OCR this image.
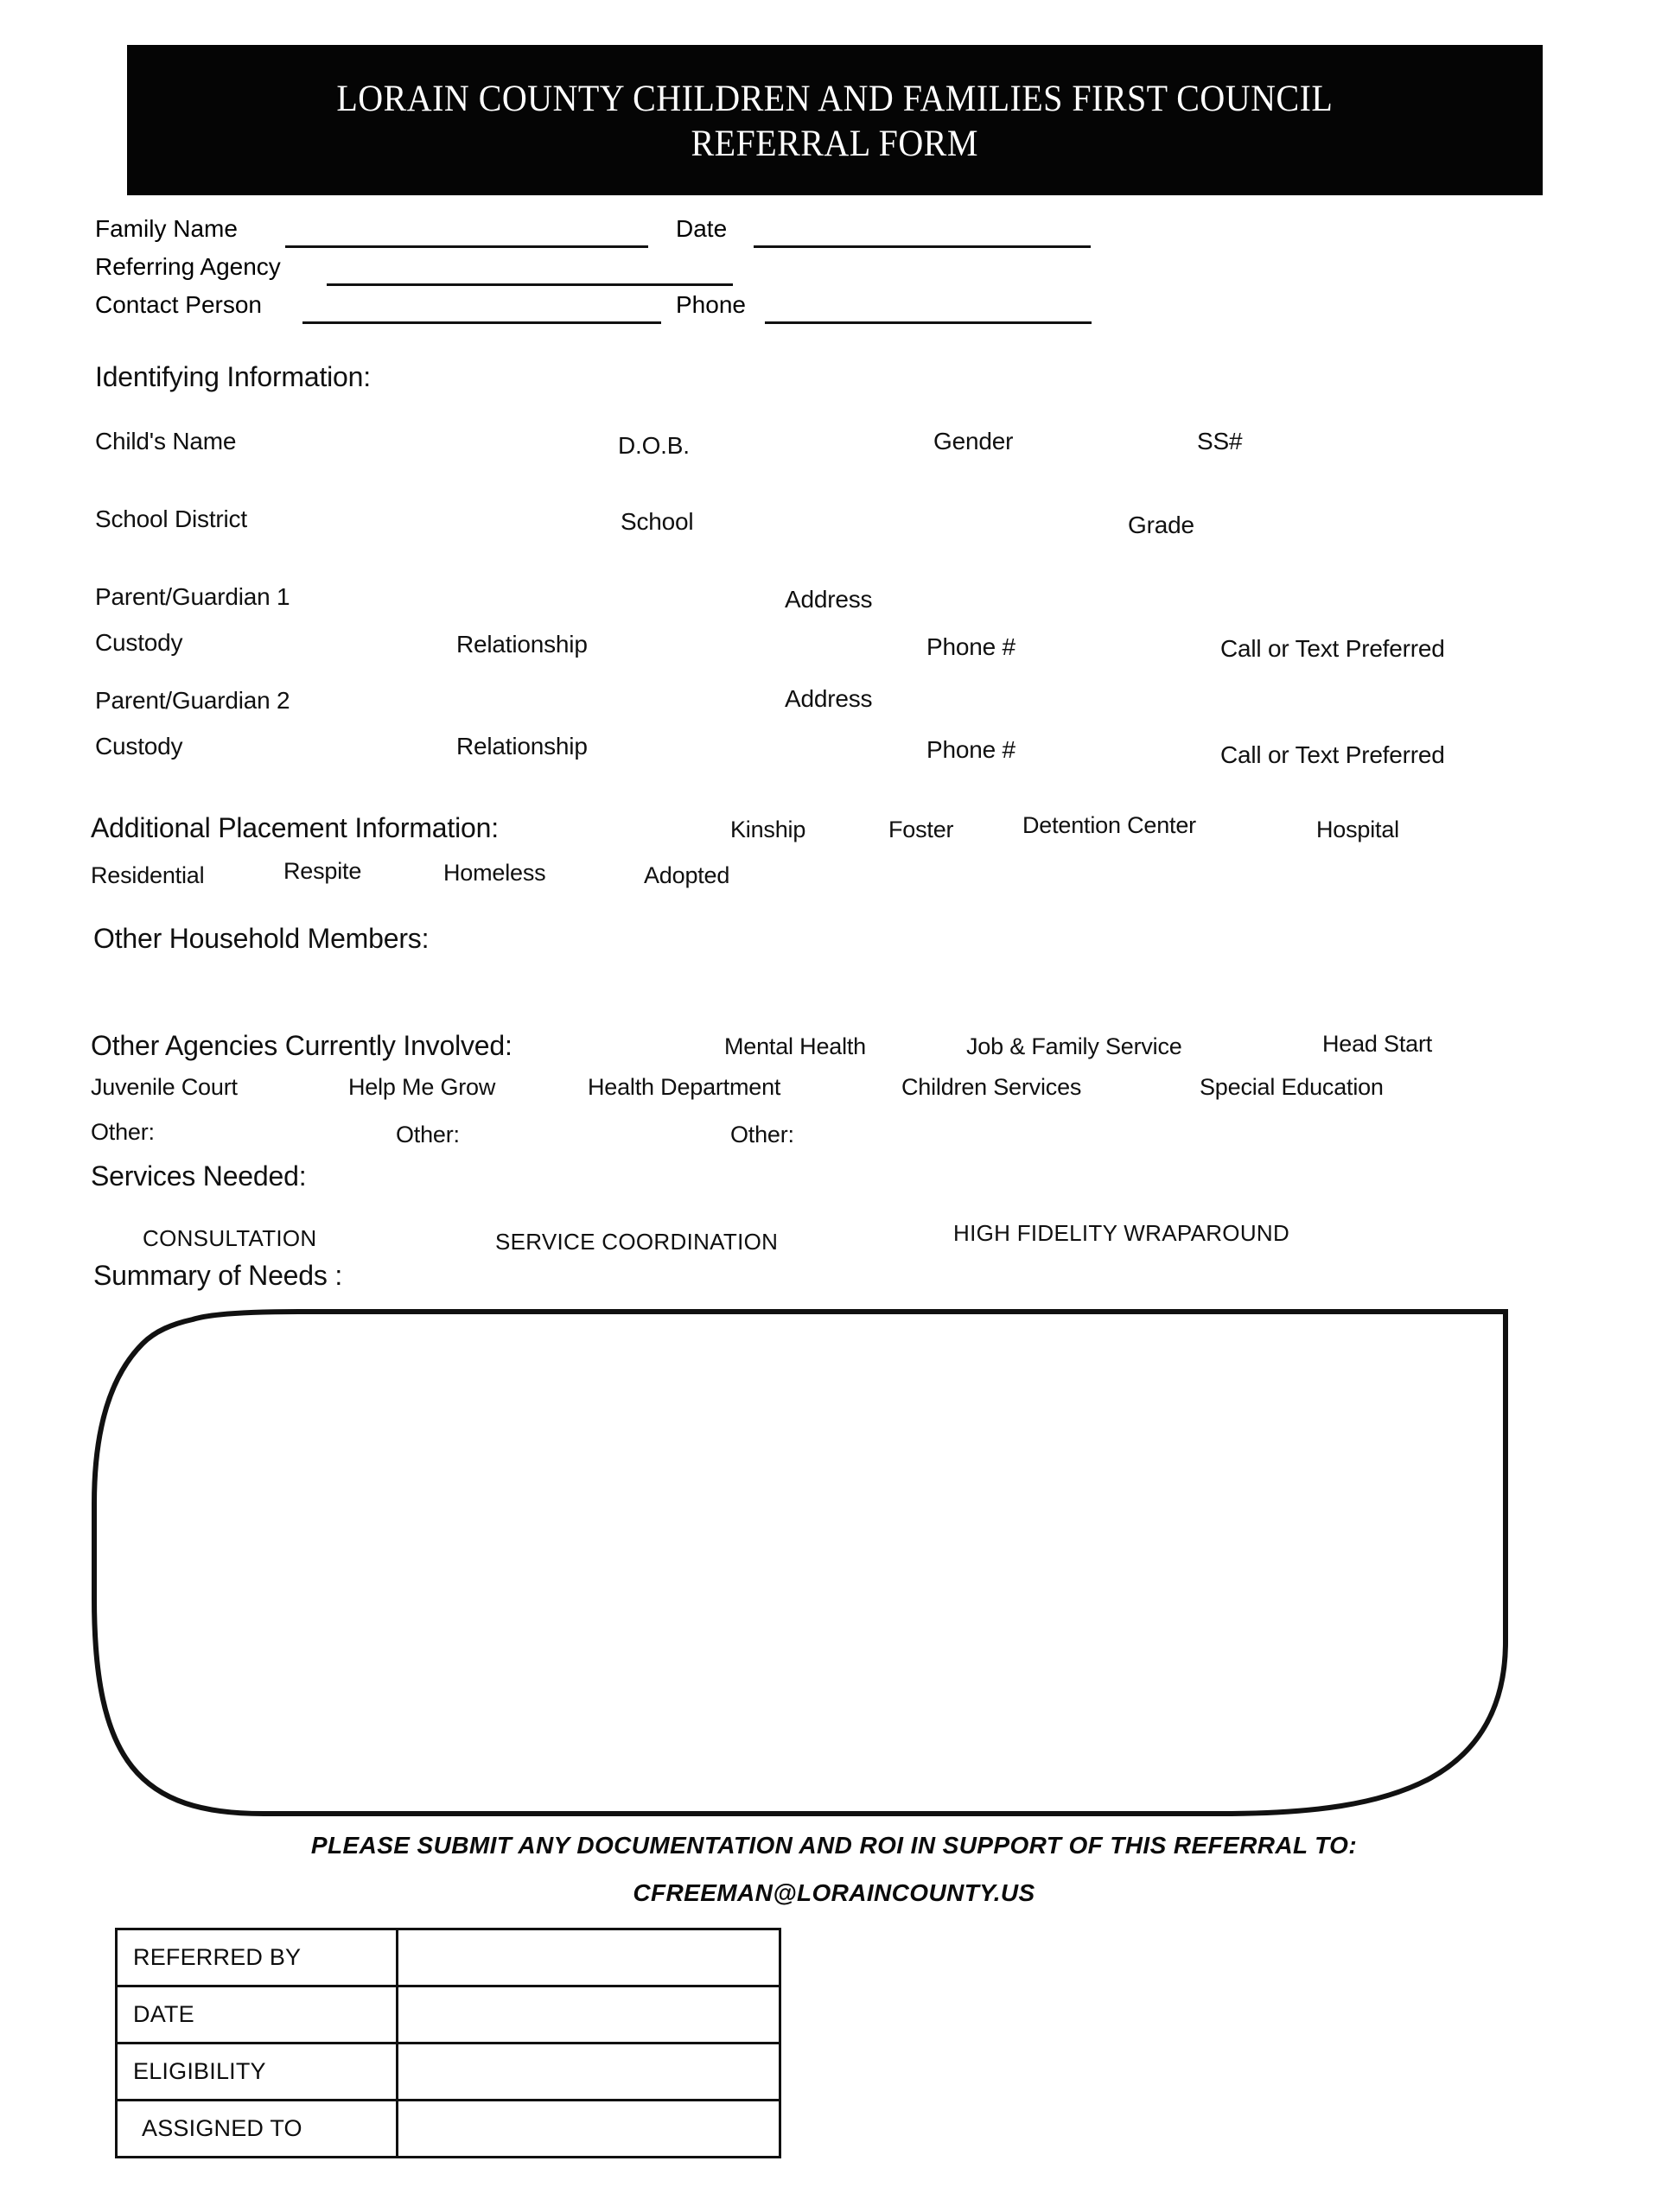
LORAIN COUNTY CHILDREN AND FAMILIES FIRST COUNCIL
REFERRAL FORM
Family Name	Date
Referring Agency
Contact Person	Phone
Identifying Information:
Child's Name	D.O.B.	Gender	SS#
School District	School	Grade
Parent/Guardian 1	Address
Custody	Relationship	Phone #	Call or Text Preferred
Parent/Guardian 2	Address
Custody	Relationship	Phone #	Call or Text Preferred
Additional Placement Information:	Kinship	Foster	Detention Center	Hospital
Residential	Respite	Homeless	Adopted
Other Household Members:
Other Agencies Currently Involved:	Mental Health	Job & Family Service	Head Start
Juvenile Court	Help Me Grow	Health Department	Children Services	Special Education
Other:	Other:	Other:
Services Needed:
CONSULTATION	SERVICE COORDINATION	HIGH FIDELITY WRAPAROUND
Summary of Needs :
PLEASE SUBMIT ANY DOCUMENTATION AND ROI IN SUPPORT OF THIS REFERRAL TO:
CFREEMAN@LORAINCOUNTY.US
REFERRED BY	
DATE	
ELIGIBILITY	
ASSIGNED TO	
